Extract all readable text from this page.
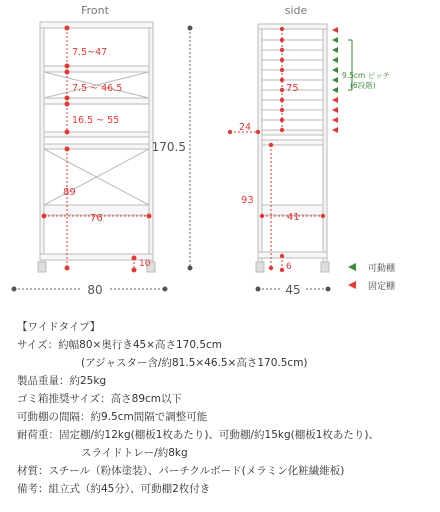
Front	side
7.5~47
7.5 ~ 46.5
16.5 ~ 55
89
76
10
170.5
80
75
24
93
41
6
9.5cm ピッチ
(6段階)
45
可動棚
固定棚
【ワイドタイプ】
サイズ：約幅80×奥行き45×高さ170.5cm
(アジャスター含/約81.5×46.5×高さ170.5cm)
製品重量：約25kg
ゴミ箱推奨サイズ：高さ89cm以下
可動棚の間隔：約9.5cm間隔で調整可能
耐荷重：固定棚/約12kg(棚板1枚あたり)、可動棚/約15kg(棚板1枚あたり)、
スライドトレー/約8kg
材質：スチール（粉体塗装）、パーチクルボード(メラミン化粧繊維板)
備考：組立式（約45分）、可動棚2枚付き
